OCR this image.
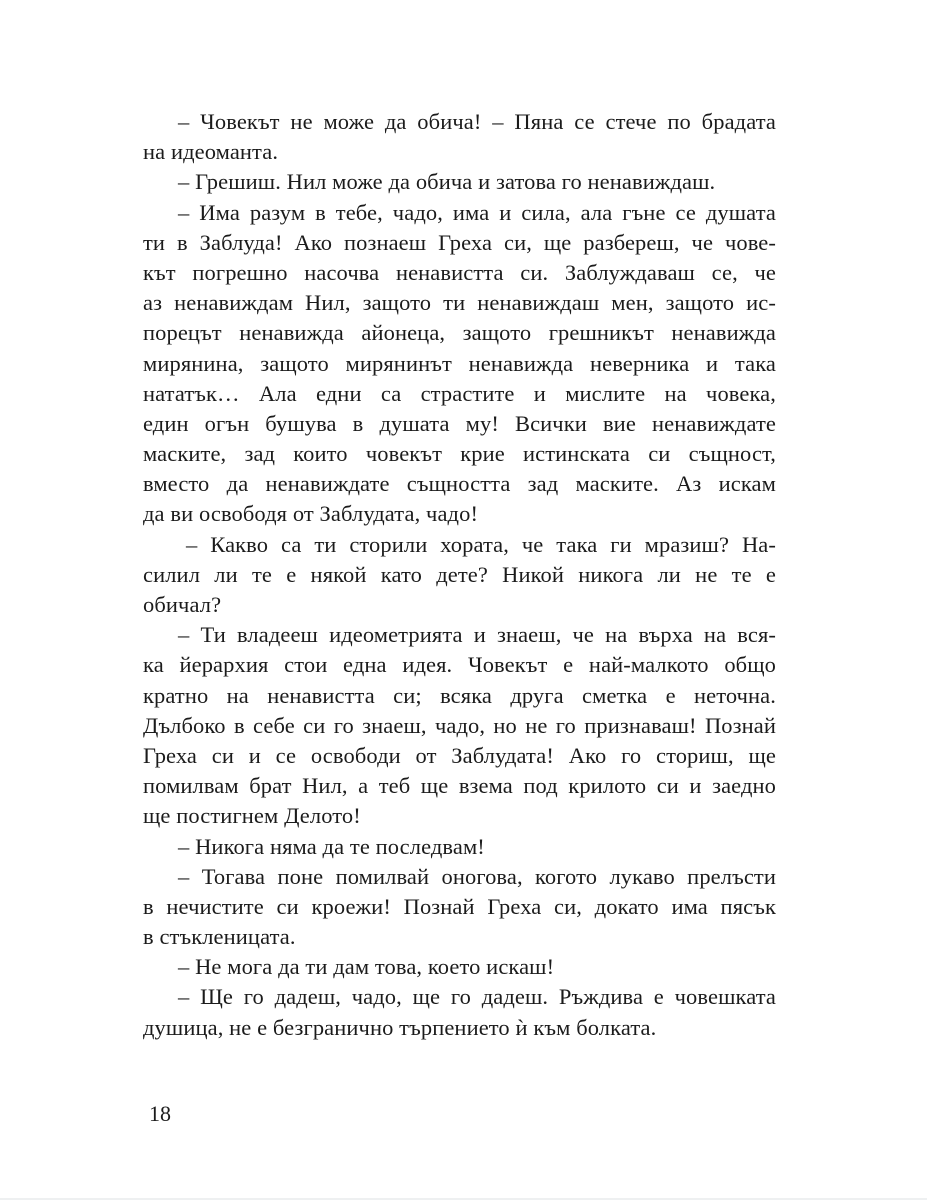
– Човекът не може да обича! – Пяна се стече по брадата
на идеоманта.
– Грешиш. Нил може да обича и затова го ненавиждаш.
– Има разум в тебе, чадо, има и сила, ала гъне се душата
ти в Заблуда! Ако познаеш Греха си, ще разбереш, че чове-
кът погрешно насочва ненавистта си. Заблуждаваш се, че
аз ненавиждам Нил, защото ти ненавиждаш мен, защото ис-
порецът ненавижда айонеца, защото грешникът ненавижда
мирянина, защото мирянинът ненавижда неверника и така
нататък… Ала едни са страстите и мислите на човека,
един огън бушува в душата му! Всички вие ненавиждате
маските, зад които човекът крие истинската си същност,
вместо да ненавиждате същността зад маските. Аз искам
да ви освободя от Заблудата, чадо!
– Какво са ти сторили хората, че така ги мразиш? На-
силил ли те е някой като дете? Никой никога ли не те е
обичал?
– Ти владееш идеометрията и знаеш, че на върха на вся-
ка йерархия стои една идея. Човекът е най-малкото общо
кратно на ненавистта си; всяка друга сметка е неточна.
Дълбоко в себе си го знаеш, чадо, но не го признаваш! Познай
Греха си и се освободи от Заблудата! Ако го сториш, ще
помилвам брат Нил, а теб ще взема под крилото си и заедно
ще постигнем Делото!
– Никога няма да те последвам!
– Тогава поне помилвай оногова, когото лукаво прелъсти
в нечистите си кроежи! Познай Греха си, докато има пясък
в стъкленицата.
– Не мога да ти дам това, което искаш!
– Ще го дадеш, чадо, ще го дадеш. Ръждива е човешката
душица, не е безгранично търпението ѝ към болката.
18
